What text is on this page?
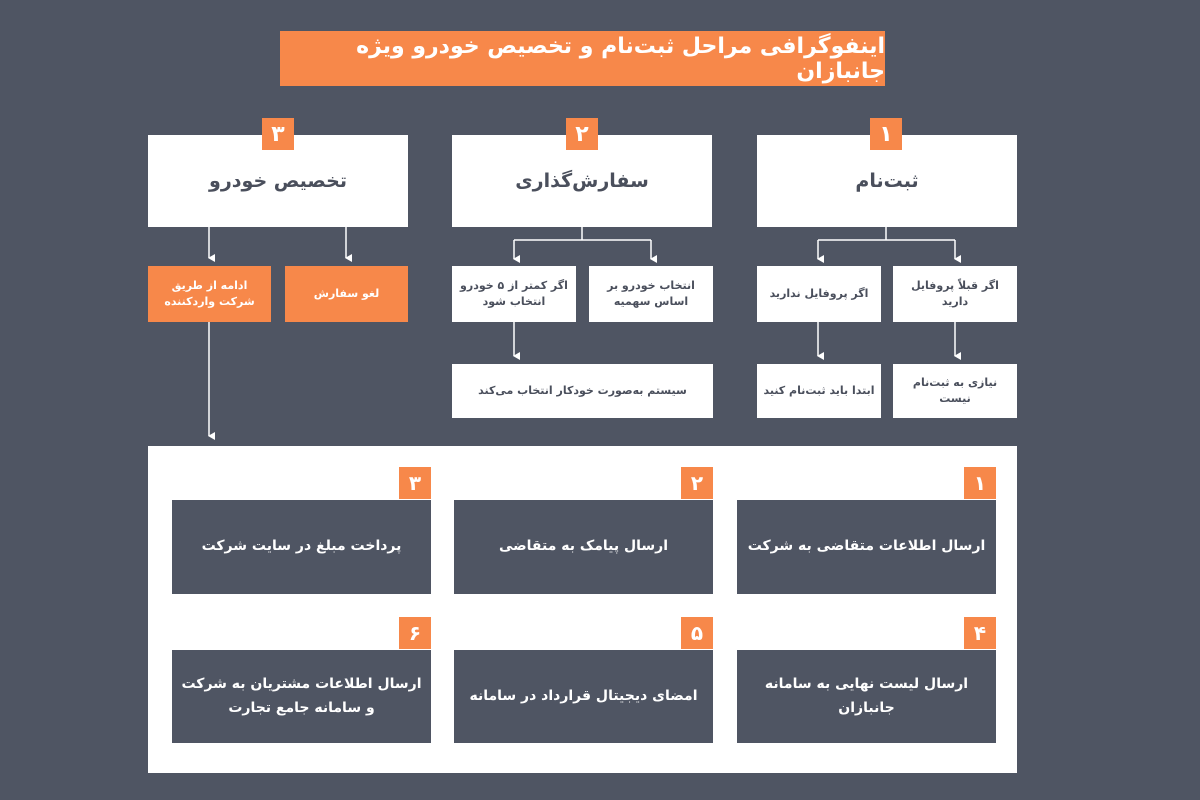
اینفوگرافی مراحل ثبت‌نام و تخصیص خودرو ویژه جانبازان
ثبت‌نام
۱
سفارش‌گذاری
۲
تخصیص خودرو
۳
اگر قبلاً پروفایل دارید
اگر پروفایل ندارید
نیازی به ثبت‌نام نیست
ابتدا باید ثبت‌نام کنید
انتخاب خودرو بر اساس سهمیه
اگر کمتر از ۵ خودرو انتخاب شود
سیستم به‌صورت خودکار انتخاب می‌کند
لغو سفارش
ادامه از طریق شرکت واردکننده
ارسال اطلاعات متقاضی به شرکت
۱
ارسال پیامک به متقاضی
۲
پرداخت مبلغ در سایت شرکت
۳
ارسال لیست نهایی به سامانه جانبازان
۴
امضای دیجیتال قرارداد در سامانه
۵
ارسال اطلاعات مشتریان به شرکت و سامانه جامع تجارت
۶
